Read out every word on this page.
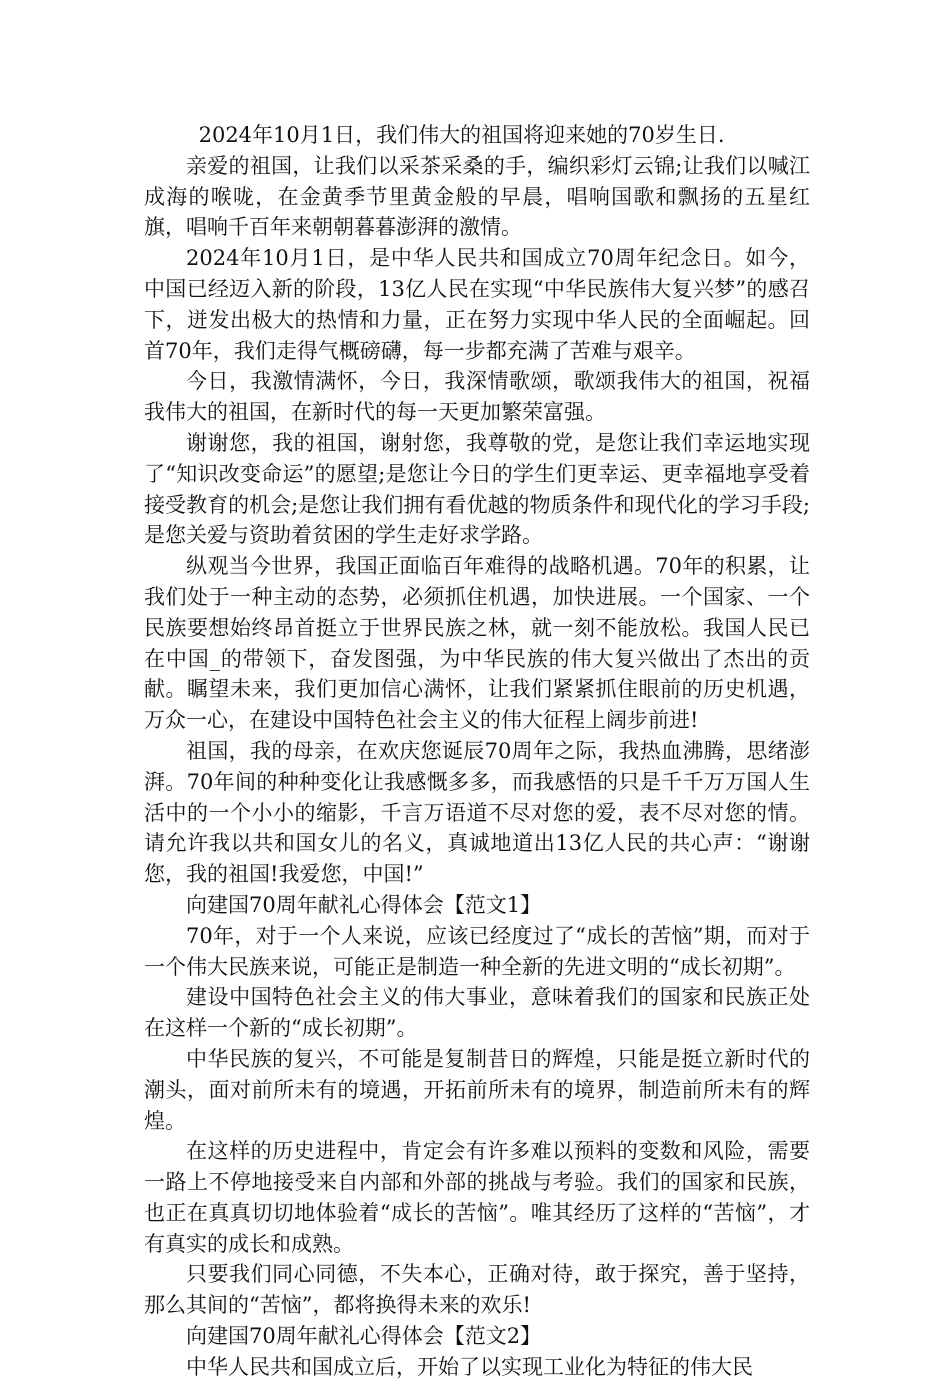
2024年10月1日，我们伟大的祖国将迎来她的70岁生日.

亲爱的祖国，让我们以采茶采桑的手，编织彩灯云锦;让我们以喊江成海的喉咙，在金黄季节里黄金般的早晨，唱响国歌和飘扬的五星红旗，唱响千百年来朝朝暮暮澎湃的激情。

2024年10月1日，是中华人民共和国成立70周年纪念日。如今，中国已经迈入新的阶段，13亿人民在实现“中华民族伟大复兴梦”的感召下，迸发出极大的热情和力量，正在努力实现中华人民的全面崛起。回首70年，我们走得气概磅礴，每一步都充满了苦难与艰辛。

今日，我激情满怀，今日，我深情歌颂，歌颂我伟大的祖国，祝福我伟大的祖国，在新时代的每一天更加繁荣富强。

谢谢您，我的祖国，谢射您，我尊敬的党，是您让我们幸运地实现了“知识改变命运”的愿望;是您让今日的学生们更幸运、更幸福地享受着接受教育的机会;是您让我们拥有看优越的物质条件和现代化的学习手段;是您关爱与资助着贫困的学生走好求学路。

纵观当今世界，我国正面临百年难得的战略机遇。70年的积累，让我们处于一种主动的态势，必须抓住机遇，加快进展。一个国家、一个民族要想始终昂首挺立于世界民族之林，就一刻不能放松。我国人民已在中国_的带领下，奋发图强，为中华民族的伟大复兴做出了杰出的贡献。瞩望未来，我们更加信心满怀，让我们紧紧抓住眼前的历史机遇，万众一心，在建设中国特色社会主义的伟大征程上阔步前进!

祖国，我的母亲，在欢庆您诞辰70周年之际，我热血沸腾，思绪澎湃。70年间的种种变化让我感慨多多，而我感悟的只是千千万万国人生活中的一个小小的缩影，千言万语道不尽对您的爱，表不尽对您的情。请允许我以共和国女儿的名义，真诚地道出13亿人民的共心声：“谢谢您，我的祖国!我爱您，中国!”

向建国70周年献礼心得体会【范文1】

70年，对于一个人来说，应该已经度过了“成长的苦恼”期，而对于一个伟大民族来说，可能正是制造一种全新的先进文明的“成长初期”。

建设中国特色社会主义的伟大事业，意味着我们的国家和民族正处在这样一个新的“成长初期”。

中华民族的复兴，不可能是复制昔日的辉煌，只能是挺立新时代的潮头，面对前所未有的境遇，开拓前所未有的境界，制造前所未有的辉煌。

在这样的历史进程中，肯定会有许多难以预料的变数和风险，需要一路上不停地接受来自内部和外部的挑战与考验。我们的国家和民族，也正在真真切切地体验着“成长的苦恼”。唯其经历了这样的“苦恼”，才有真实的成长和成熟。

只要我们同心同德，不失本心，正确对待，敢于探究，善于坚持，那么其间的“苦恼”，都将换得未来的欢乐!

向建国70周年献礼心得体会【范文2】

中华人民共和国成立后，开始了以实现工业化为特征的伟大民
